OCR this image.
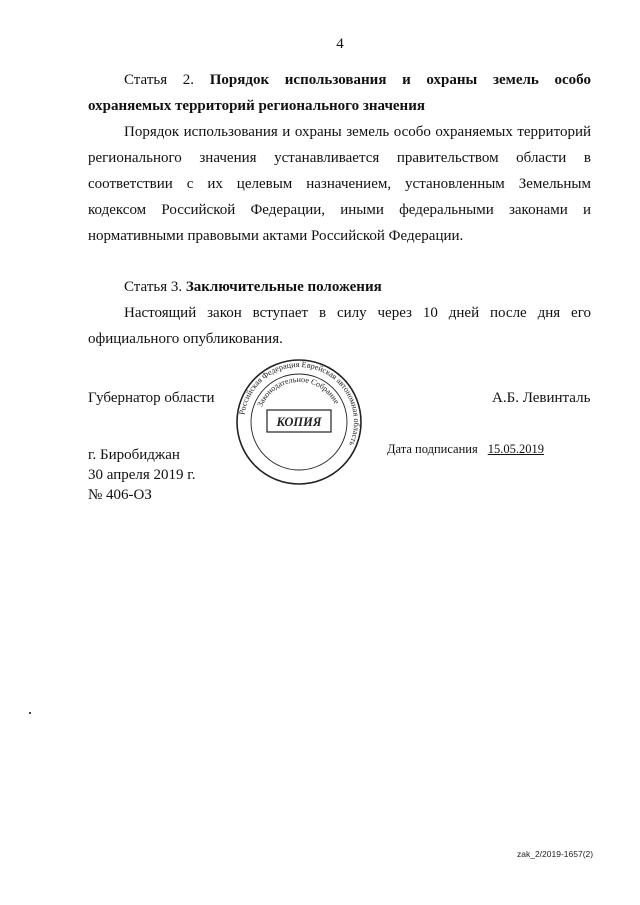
4
Статья 2. Порядок использования и охраны земель особо охраняемых территорий регионального значения
Порядок использования и охраны земель особо охраняемых территорий регионального значения устанавливается правительством области в соответствии с их целевым назначением, установленным Земельным кодексом Российской Федерации, иными федеральными законами и нормативными правовыми актами Российской Федерации.
Статья 3. Заключительные положения
Настоящий закон вступает в силу через 10 дней после дня его официального опубликования.
Губернатор области	А.Б. Левинталь
г. Биробиджан
30 апреля 2019 г.
№ 406-ОЗ
Дата подписания 15.05.2019
Российская Федерация Еврейская автономная область
Законодательное Собрание
КОПИЯ
zak_2/2019-1657(2)
